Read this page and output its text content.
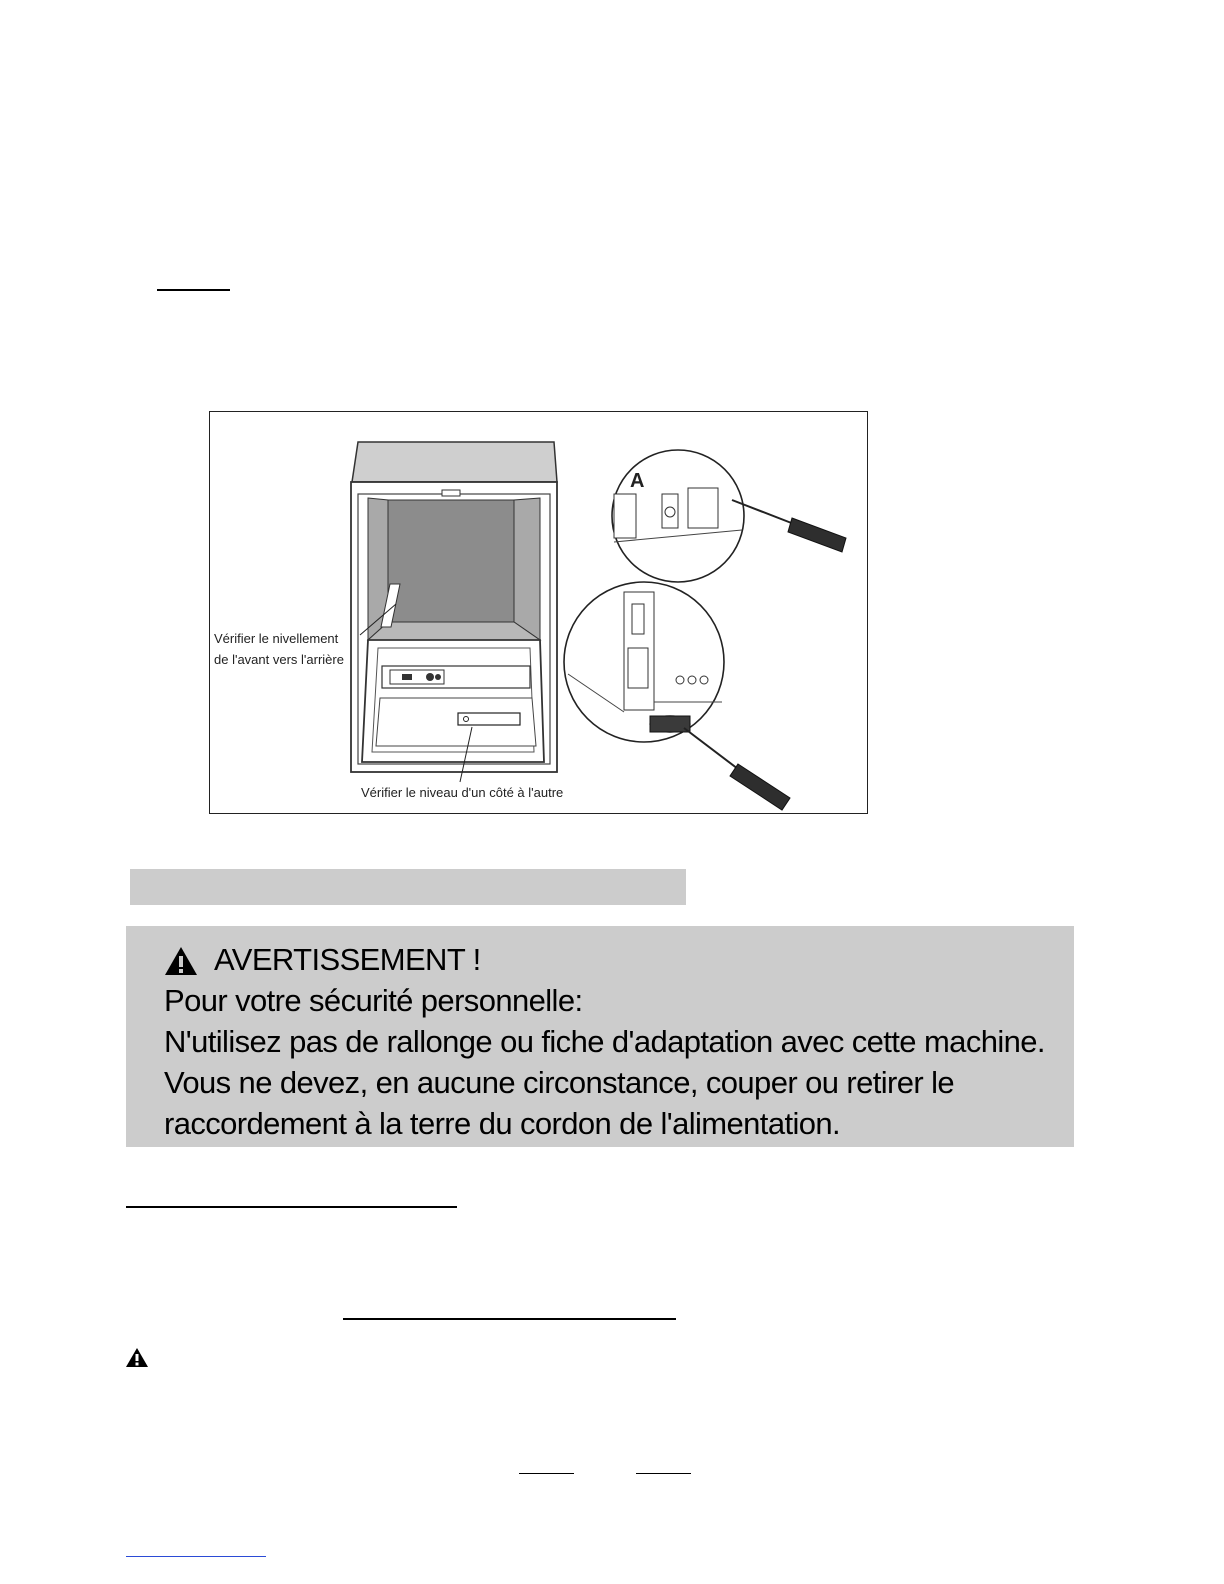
A
Vérifier le nivellement
de l'avant vers l'arrière
Vérifier le niveau d'un côté à l'autre
AVERTISSEMENT !
Pour votre sécurité personnelle:
N'utilisez pas de rallonge ou fiche d'adaptation avec cette machine.
Vous ne devez, en aucune circonstance, couper ou retirer le
raccordement à la terre du cordon de l'alimentation.
